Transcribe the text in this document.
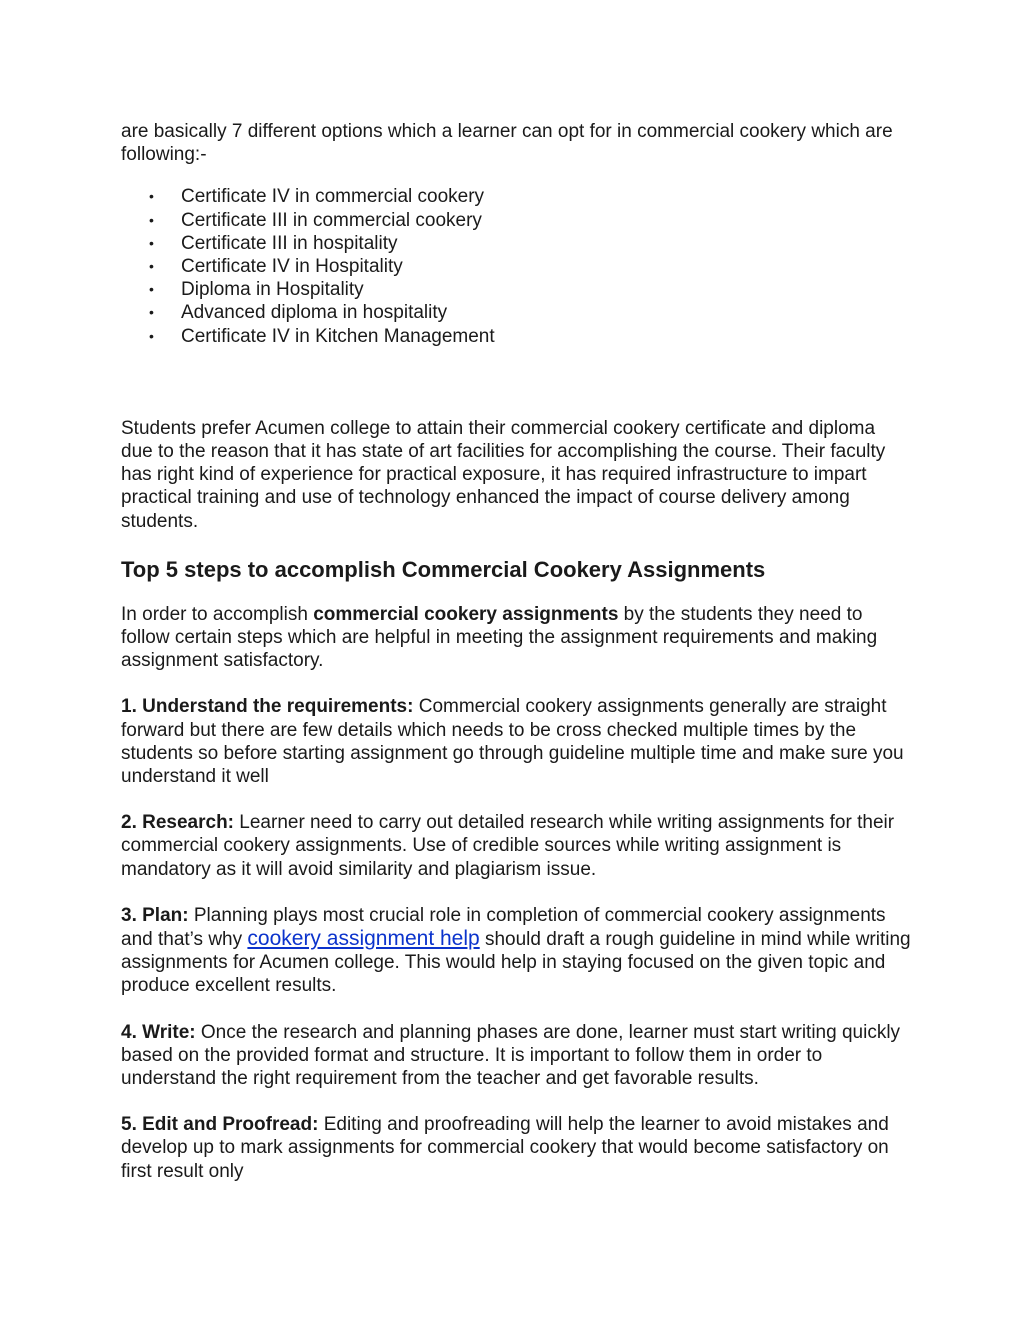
are basically 7 different options which a learner can opt for in commercial cookery which are following:-

• Certificate IV in commercial cookery
• Certificate III in commercial cookery
• Certificate III in hospitality
• Certificate IV in Hospitality
• Diploma in Hospitality
• Advanced diploma in hospitality
• Certificate IV in Kitchen Management

Students prefer Acumen college to attain their commercial cookery certificate and diploma due to the reason that it has state of art facilities for accomplishing the course. Their faculty has right kind of experience for practical exposure, it has required infrastructure to impart practical training and use of technology enhanced the impact of course delivery among students.

Top 5 steps to accomplish Commercial Cookery Assignments

In order to accomplish commercial cookery assignments by the students they need to follow certain steps which are helpful in meeting the assignment requirements and making assignment satisfactory.

1. Understand the requirements: Commercial cookery assignments generally are straight forward but there are few details which needs to be cross checked multiple times by the students so before starting assignment go through guideline multiple time and make sure you understand it well

2. Research: Learner need to carry out detailed research while writing assignments for their commercial cookery assignments. Use of credible sources while writing assignment is mandatory as it will avoid similarity and plagiarism issue.

3. Plan: Planning plays most crucial role in completion of commercial cookery assignments and that’s why cookery assignment help should draft a rough guideline in mind while writing assignments for Acumen college. This would help in staying focused on the given topic and produce excellent results.

4. Write: Once the research and planning phases are done, learner must start writing quickly based on the provided format and structure. It is important to follow them in order to understand the right requirement from the teacher and get favorable results.

5. Edit and Proofread: Editing and proofreading will help the learner to avoid mistakes and develop up to mark assignments for commercial cookery that would become satisfactory on first result only
